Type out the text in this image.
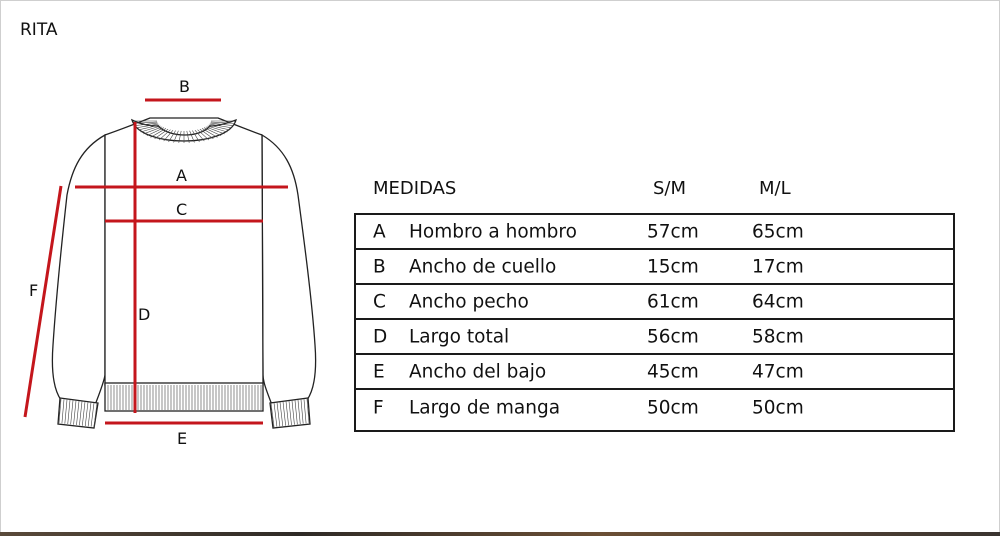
RITA
B
A
C
D
E
F
MEDIDAS	S/M	M/L
A Hombro a hombro	57cm	65cm
B Ancho de cuello	15cm	17cm
C Ancho pecho	61cm	64cm
D Largo total	56cm	58cm
E Ancho del bajo	45cm	47cm
F Largo de manga	50cm	50cm
